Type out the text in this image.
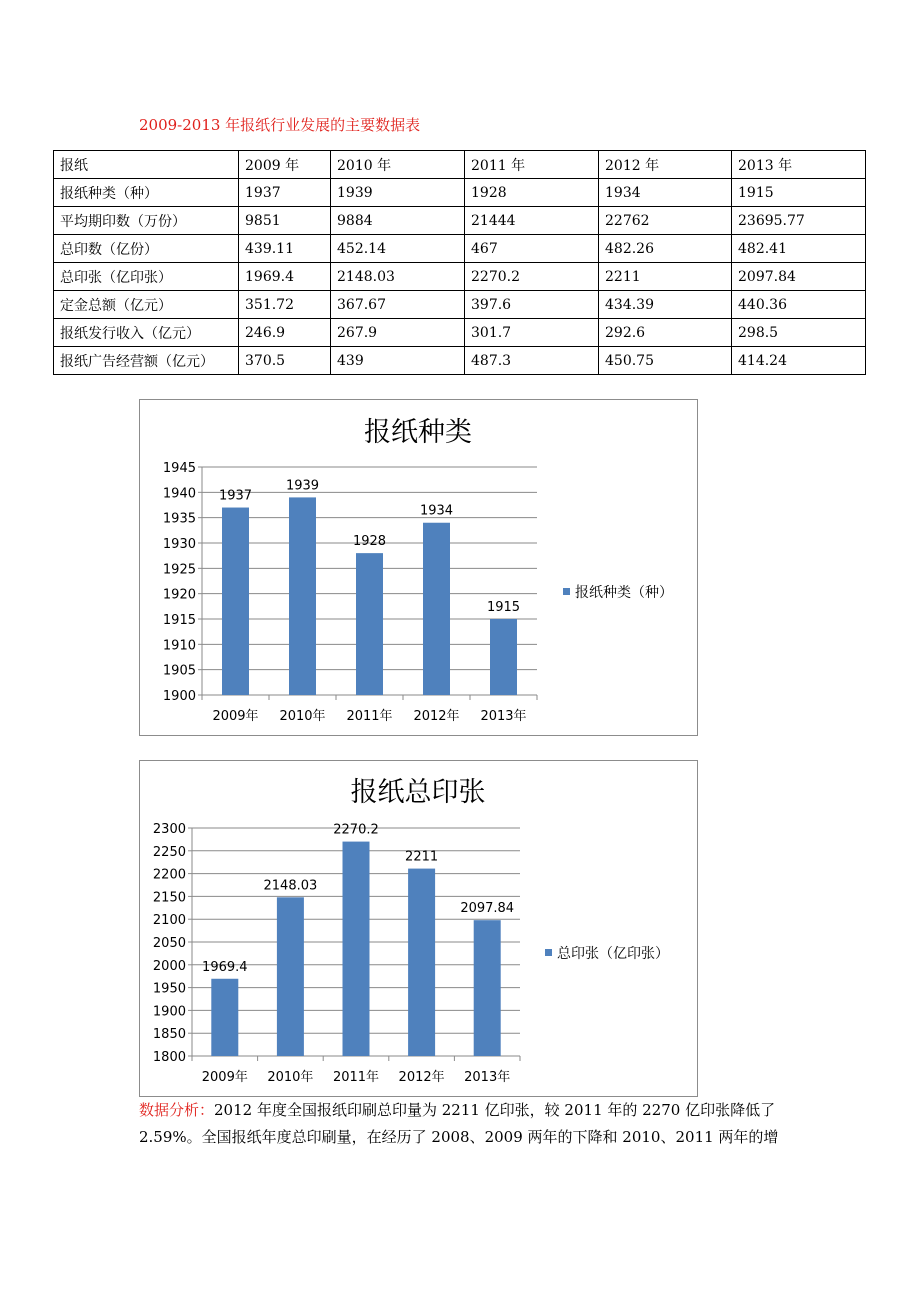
2009-2013 年报纸行业发展的主要数据表
报纸	2009 年	2010 年	2011 年	2012 年	2013 年
报纸种类（种）	1937	1939	1928	1934	1915
平均期印数（万份）	9851	9884	21444	22762	23695.77
总印数（亿份）	439.11	452.14	467	482.26	482.41
总印张（亿印张）	1969.4	2148.03	2270.2	2211	2097.84
定金总额（亿元）	351.72	367.67	397.6	434.39	440.36
报纸发行收入（亿元）	246.9	267.9	301.7	292.6	298.5
报纸广告经营额（亿元）	370.5	439	487.3	450.75	414.24
报纸种类
1900
1905
1910
1915
1920
1925
1930
1935
1940
1945
1937
2009年
1939
2010年
1928
2011年
1934
2012年
1915
2013年
报纸种类（种）
报纸总印张
1800
1850
1900
1950
2000
2050
2100
2150
2200
2250
2300
1969.4
2009年
2148.03
2010年
2270.2
2011年
2211
2012年
2097.84
2013年
总印张（亿印张）
数据分析：2012 年度全国报纸印刷总印量为 2211 亿印张，较 2011 年的 2270 亿印张降低了 2.59%。全国报纸年度总印刷量，在经历了 2008、2009 两年的下降和 2010、2011 两年的增
